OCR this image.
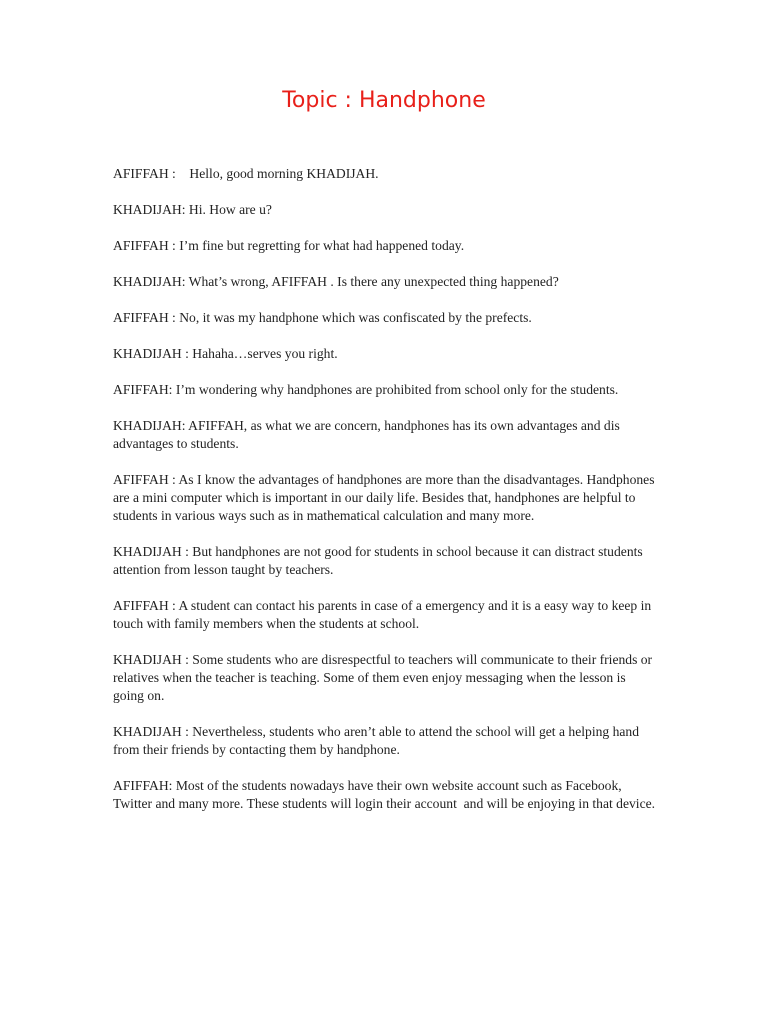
Topic : Handphone

AFIFFAH :    Hello, good morning KHADIJAH.

KHADIJAH: Hi. How are u?

AFIFFAH : I’m fine but regretting for what had happened today.

KHADIJAH: What’s wrong, AFIFFAH . Is there any unexpected thing happened?

AFIFFAH : No, it was my handphone which was confiscated by the prefects.

KHADIJAH : Hahaha…serves you right.

AFIFFAH: I’m wondering why handphones are prohibited from school only for the students.

KHADIJAH: AFIFFAH, as what we are concern, handphones has its own advantages and dis advantages to students.

AFIFFAH : As I know the advantages of handphones are more than the disadvantages. Handphones are a mini computer which is important in our daily life. Besides that, handphones are helpful to students in various ways such as in mathematical calculation and many more.

KHADIJAH : But handphones are not good for students in school because it can distract students attention from lesson taught by teachers.

AFIFFAH : A student can contact his parents in case of a emergency and it is a easy way to keep in touch with family members when the students at school.

KHADIJAH : Some students who are disrespectful to teachers will communicate to their friends or relatives when the teacher is teaching. Some of them even enjoy messaging when the lesson is going on.

KHADIJAH : Nevertheless, students who aren’t able to attend the school will get a helping hand from their friends by contacting them by handphone.

AFIFFAH: Most of the students nowadays have their own website account such as Facebook, Twitter and many more. These students will login their account  and will be enjoying in that device.
